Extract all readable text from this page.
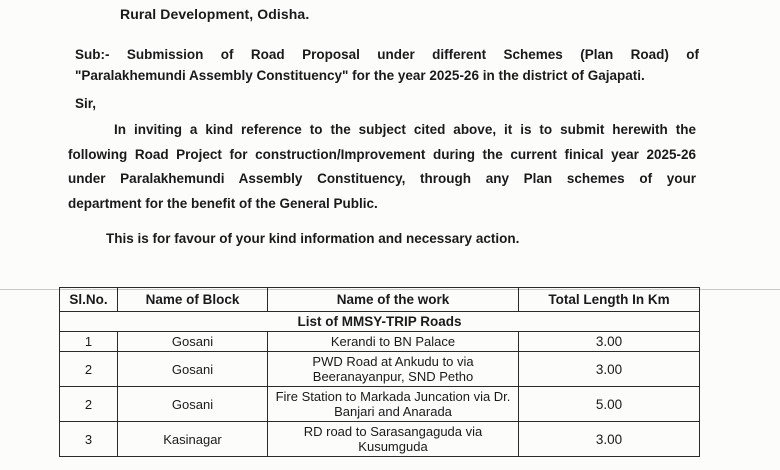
Rural Development, Odisha.
Sub:- Submission of Road Proposal under different Schemes (Plan Road) of
"Paralakhemundi Assembly Constituency" for the year 2025-26 in the district of Gajapati.
Sir,
In inviting a kind reference to the subject cited above, it is to submit herewith the
following Road Project for construction/Improvement during the current finical year 2025-26
under Paralakhemundi Assembly Constituency, through any Plan schemes of your
department for the benefit of the General Public.
This is for favour of your kind information and necessary action.
Sl.No.	Name of Block	Name of the work	Total Length In Km
List of MMSY-TRIP Roads			
1	Gosani	Kerandi to BN Palace	3.00
2	Gosani	PWD Road at Ankudu to via Beeranayanpur, SND Petho	3.00
2	Gosani	Fire Station to Markada Juncation via Dr. Banjari and Anarada	5.00
3	Kasinagar	RD road to Sarasangaguda via Kusumguda	3.00
